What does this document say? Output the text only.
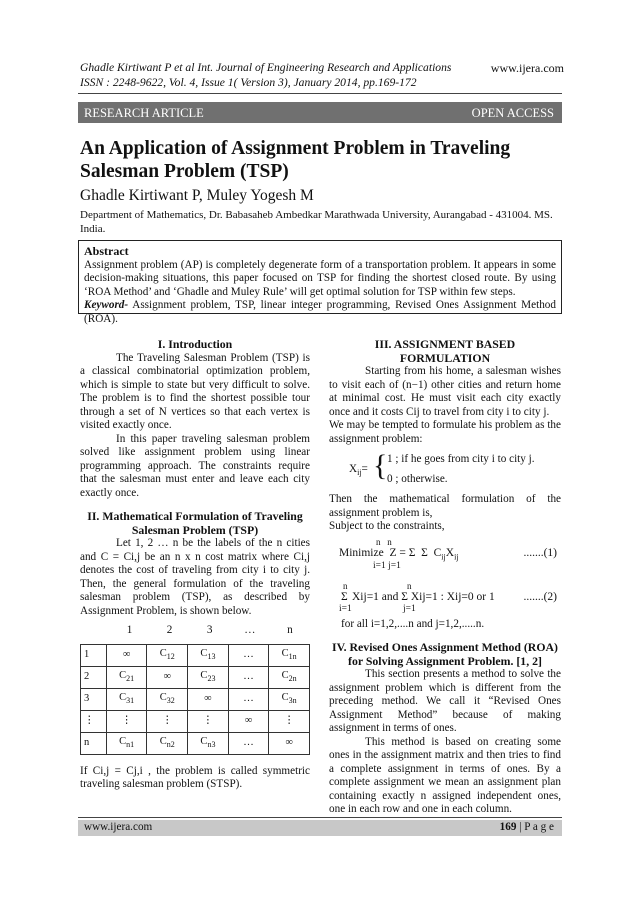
Ghadle Kirtiwant P et al Int. Journal of Engineering Research and Applications
ISSN : 2248-9622, Vol. 4, Issue 1( Version 3), January 2014, pp.169-172
www.ijera.com
RESEARCH ARTICLE	OPEN ACCESS
An Application of Assignment Problem in Traveling Salesman Problem (TSP)
Ghadle Kirtiwant P, Muley Yogesh M
Department of Mathematics, Dr. Babasaheb Ambedkar Marathwada University, Aurangabad - 431004. MS. India.
Abstract
Assignment problem (AP) is completely degenerate form of a transportation problem. It appears in some decision-making situations, this paper focused on TSP for finding the shortest closed route. By using ‘ROA Method’ and ‘Ghadle and Muley Rule’ will get optimal solution for TSP within few steps.
Keyword- Assignment problem, TSP, linear integer programming, Revised Ones Assignment Method (ROA).
I. Introduction
The Traveling Salesman Problem (TSP) is a classical combinatorial optimization problem, which is simple to state but very difficult to solve. The problem is to find the shortest possible tour through a set of N vertices so that each vertex is visited exactly once.
In this paper traveling salesman problem solved like assignment problem using linear programming approach. The constraints require that the salesman must enter and leave each city exactly once.
II. Mathematical Formulation of Traveling Salesman Problem (TSP)
Let 1, 2 … n be the labels of the n cities and C = Ci,j be an n x n cost matrix where Ci,j denotes the cost of traveling from city i to city j. Then, the general formulation of the traveling salesman problem (TSP), as described by Assignment Problem, is shown below.
1	2	3	…	n
1	∞	$C_{12}$	$C_{13}$	…	$C_{1n}$
2	$C_{21}$	∞	$C_{23}$	…	$C_{2n}$
3	$C_{31}$	$C_{32}$	∞	…	$C_{3n}$
⋮	⋮	⋮	⋮	∞	⋮
n	$C_{n1}$	$C_{n2}$	$C_{n3}$	…	∞
If Ci,j = Cj,i , the problem is called symmetric traveling salesman problem (STSP).
III. ASSIGNMENT BASED FORMULATION
Starting from his home, a salesman wishes to visit each of (n−1) other cities and return home at minimal cost. He must visit each city exactly once and it costs Cij to travel from city i to city j.
We may be tempted to formulate his problem as the assignment problem:
$X_{ij}=$ { 1 ; if he goes from city i to city j.
0 ; otherwise.
Then the mathematical formulation of the assignment problem is,
Subject to the constraints,
n   n
Minimize  Z = Σ  Σ  $C_{ij}X_{ij}$
i=1 j=1
.......(1)
n	n
Σ Xij=1 and Σ Xij=1 : Xij=0 or 1
i=1	j=1
.......(2)
for all i=1,2,....n and j=1,2,.....n.
IV. Revised Ones Assignment Method (ROA) for Solving Assignment Problem. [1, 2]
This section presents a method to solve the assignment problem which is different from the preceding method. We call it “Revised Ones Assignment Method” because of making assignment in terms of ones.
This method is based on creating some ones in the assignment matrix and then tries to find a complete assignment in terms of ones. By a complete assignment we mean an assignment plan containing exactly n assigned independent ones, one in each row and one in each column.
www.ijera.com	169 | P a g e
